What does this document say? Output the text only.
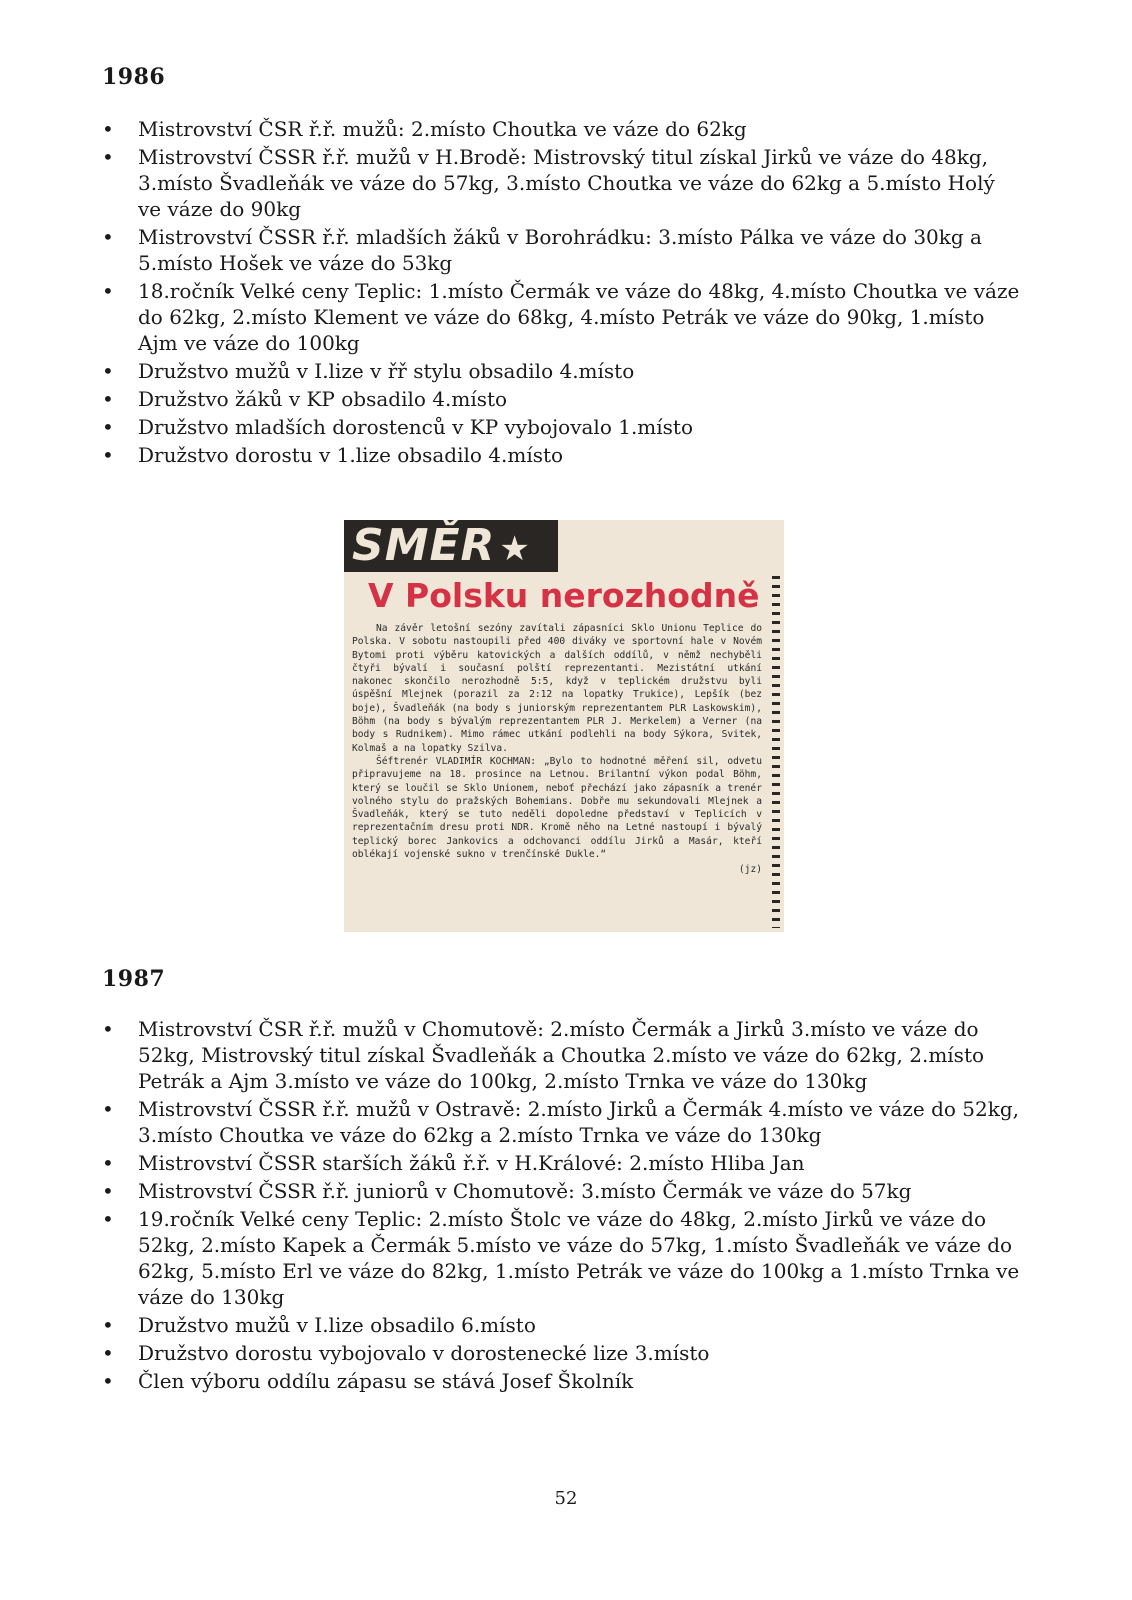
1986
• Mistrovství ČSR ř.ř. mužů: 2.místo Choutka ve váze do 62kg
• Mistrovství ČSSR ř.ř. mužů v H.Brodě: Mistrovský titul získal Jirků ve váze do 48kg, 3.místo Švadleňák ve váze do 57kg, 3.místo Choutka ve váze do 62kg a 5.místo Holý ve váze do 90kg
• Mistrovství ČSSR ř.ř. mladších žáků v Borohrádku: 3.místo Pálka ve váze do 30kg a 5.místo Hošek ve váze do 53kg
• 18.ročník Velké ceny Teplic: 1.místo Čermák ve váze do 48kg, 4.místo Choutka ve váze do 62kg, 2.místo Klement ve váze do 68kg, 4.místo Petrák ve váze do 90kg, 1.místo Ajm ve váze do 100kg
• Družstvo mužů v I.lize v řř stylu obsadilo 4.místo
• Družstvo žáků v KP obsadilo 4.místo
• Družstvo mladších dorostenců v KP vybojovalo 1.místo
• Družstvo dorostu v 1.lize obsadilo 4.místo
SMĚR ★
V Polsku nerozhodně

Na závěr letošní sezóny zavítali zápasníci Sklo Unionu Teplice do Polska. V sobotu nastoupili před 400 diváky ve sportovní hale v Novém Bytomi proti výběru katovických a dalších oddílů, v němž nechyběli čtyři bývalí i současní polští reprezentanti. Mezistátní utkání nakonec skončilo nerozhodně 5:5, když v teplickém družstvu byli úspěšní Mlejnek (porazil za 2:12 na lopatky Trukice), Lepšík (bez boje), Švadleňák (na body s juniorským reprezentantem PLR Laskowskim), Böhm (na body s bývalým reprezentantem PLR J. Merkelem) a Verner (na body s Rudnikem). Mimo rámec utkání podlehli na body Sýkora, Svitek, Kolmaš a na lopatky Szilva.

Šéftrenér VLADIMÍR KOCHMAN: „Bylo to hodnotné měření sil, odvetu připravujeme na 18. prosince na Letnou. Brilantní výkon podal Böhm, který se loučil se Sklo Unionem, neboť přechází jako zápasník a trenér volného stylu do pražských Bohemians. Dobře mu sekundovali Mlejnek a Švadleňák, který se tuto neděli dopoledne představí v Teplicích v reprezentačním dresu proti NDR. Kromě něho na Letné nastoupí i bývalý teplický borec Jankovics a odchovanci oddílu Jirků a Masár, kteří oblékají vojenské sukno v trenčínské Dukle.“

(jz)
1987
• Mistrovství ČSR ř.ř. mužů v Chomutově: 2.místo Čermák a Jirků 3.místo ve váze do 52kg, Mistrovský titul získal Švadleňák a Choutka 2.místo ve váze do 62kg, 2.místo Petrák a Ajm 3.místo ve váze do 100kg, 2.místo Trnka ve váze do 130kg
• Mistrovství ČSSR ř.ř. mužů v Ostravě: 2.místo Jirků a Čermák 4.místo ve váze do 52kg, 3.místo Choutka ve váze do 62kg a 2.místo Trnka ve váze do 130kg
• Mistrovství ČSSR starších žáků ř.ř. v H.Králové: 2.místo Hliba Jan
• Mistrovství ČSSR ř.ř. juniorů v Chomutově: 3.místo Čermák ve váze do 57kg
• 19.ročník Velké ceny Teplic: 2.místo Štolc ve váze do 48kg, 2.místo Jirků ve váze do 52kg, 2.místo Kapek a Čermák 5.místo ve váze do 57kg, 1.místo Švadleňák ve váze do 62kg, 5.místo Erl ve váze do 82kg, 1.místo Petrák ve váze do 100kg a 1.místo Trnka ve váze do 130kg
• Družstvo mužů v I.lize obsadilo 6.místo
• Družstvo dorostu vybojovalo v dorostenecké lize 3.místo
• Člen výboru oddílu zápasu se stává Josef Školník
52
